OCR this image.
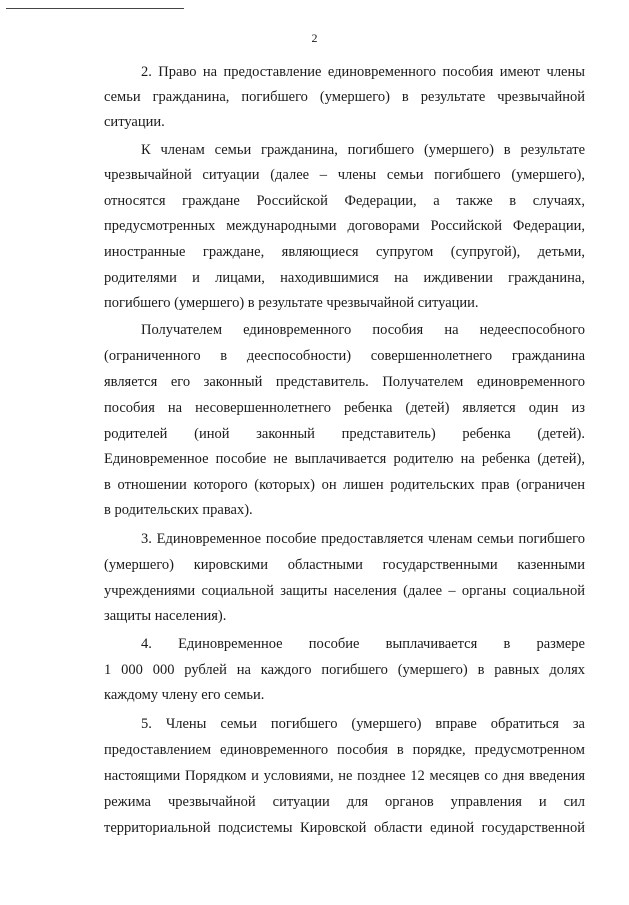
2
2. Право на предоставление единовременного пособия имеют члены
семьи гражданина, погибшего (умершего) в результате чрезвычайной
ситуации.
К членам семьи гражданина, погибшего (умершего) в результате
чрезвычайной ситуации (далее – члены семьи погибшего (умершего),
относятся граждане Российской Федерации, а также в случаях,
предусмотренных международными договорами Российской Федерации,
иностранные граждане, являющиеся супругом (супругой), детьми,
родителями и лицами, находившимися на иждивении гражданина,
погибшего (умершего) в результате чрезвычайной ситуации.
Получателем единовременного пособия на недееспособного
(ограниченного в дееспособности) совершеннолетнего гражданина
является его законный представитель. Получателем единовременного
пособия на несовершеннолетнего ребенка (детей) является один из
родителей (иной законный представитель) ребенка (детей).
Единовременное пособие не выплачивается родителю на ребенка (детей),
в отношении которого (которых) он лишен родительских прав (ограничен
в родительских правах).
3. Единовременное пособие предоставляется членам семьи погибшего
(умершего) кировскими областными государственными казенными
учреждениями социальной защиты населения (далее – органы социальной
защиты населения).
4. Единовременное пособие выплачивается в размере
1 000 000 рублей на каждого погибшего (умершего) в равных долях
каждому члену его семьи.
5. Члены семьи погибшего (умершего) вправе обратиться за
предоставлением единовременного пособия в порядке, предусмотренном
настоящими Порядком и условиями, не позднее 12 месяцев со дня введения
режима чрезвычайной ситуации для органов управления и сил
территориальной подсистемы Кировской области единой государственной
